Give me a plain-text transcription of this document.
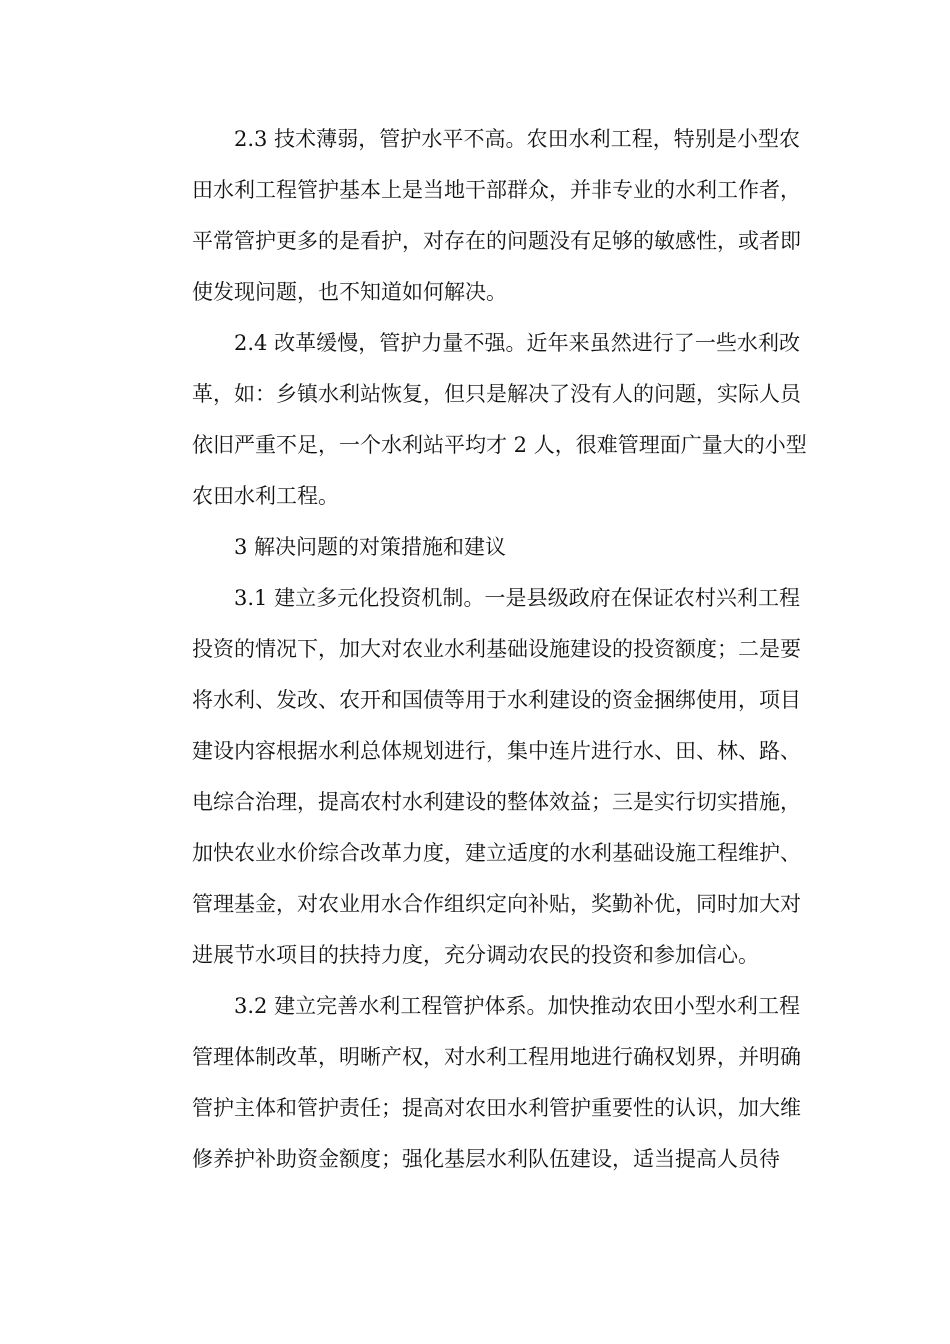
2.3 技术薄弱，管护水平不高。农田水利工程，特别是小型农
田水利工程管护基本上是当地干部群众，并非专业的水利工作者，
平常管护更多的是看护，对存在的问题没有足够的敏感性，或者即
使发现问题，也不知道如何解决。
2.4 改革缓慢，管护力量不强。近年来虽然进行了一些水利改
革，如：乡镇水利站恢复，但只是解决了没有人的问题，实际人员
依旧严重不足，一个水利站平均才 2 人，很难管理面广量大的小型
农田水利工程。
3 解决问题的对策措施和建议
3.1 建立多元化投资机制。一是县级政府在保证农村兴利工程
投资的情况下，加大对农业水利基础设施建设的投资额度；二是要
将水利、发改、农开和国债等用于水利建设的资金捆绑使用，项目
建设内容根据水利总体规划进行，集中连片进行水、田、林、路、
电综合治理，提高农村水利建设的整体效益；三是实行切实措施，
加快农业水价综合改革力度，建立适度的水利基础设施工程维护、
管理基金，对农业用水合作组织定向补贴，奖勤补优，同时加大对
进展节水项目的扶持力度，充分调动农民的投资和参加信心。
3.2 建立完善水利工程管护体系。加快推动农田小型水利工程
管理体制改革，明晰产权，对水利工程用地进行确权划界，并明确
管护主体和管护责任；提高对农田水利管护重要性的认识，加大维
修养护补助资金额度；强化基层水利队伍建设，适当提高人员待
